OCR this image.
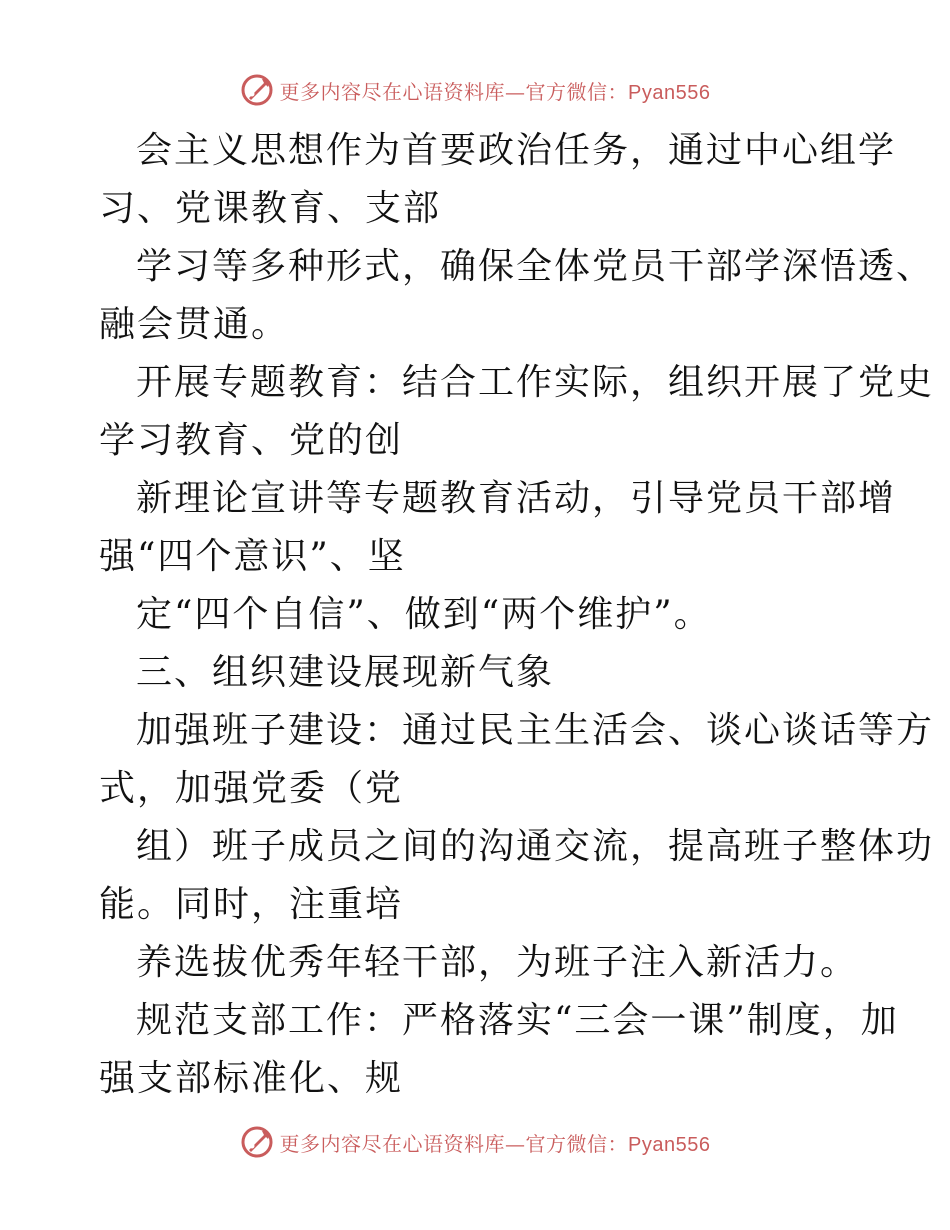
更多内容尽在心语资料库—官方微信：Pyan556
会主义思想作为首要政治任务，通过中心组学
习、党课教育、支部
学习等多种形式，确保全体党员干部学深悟透、
融会贯通。
开展专题教育：结合工作实际，组织开展了党史
学习教育、党的创
新理论宣讲等专题教育活动，引导党员干部增
强“四个意识”、坚
定“四个自信”、做到“两个维护”。
三、组织建设展现新气象
加强班子建设：通过民主生活会、谈心谈话等方
式，加强党委（党
组）班子成员之间的沟通交流，提高班子整体功
能。同时，注重培
养选拔优秀年轻干部，为班子注入新活力。
规范支部工作：严格落实“三会一课”制度，加
强支部标准化、规
更多内容尽在心语资料库—官方微信：Pyan556
